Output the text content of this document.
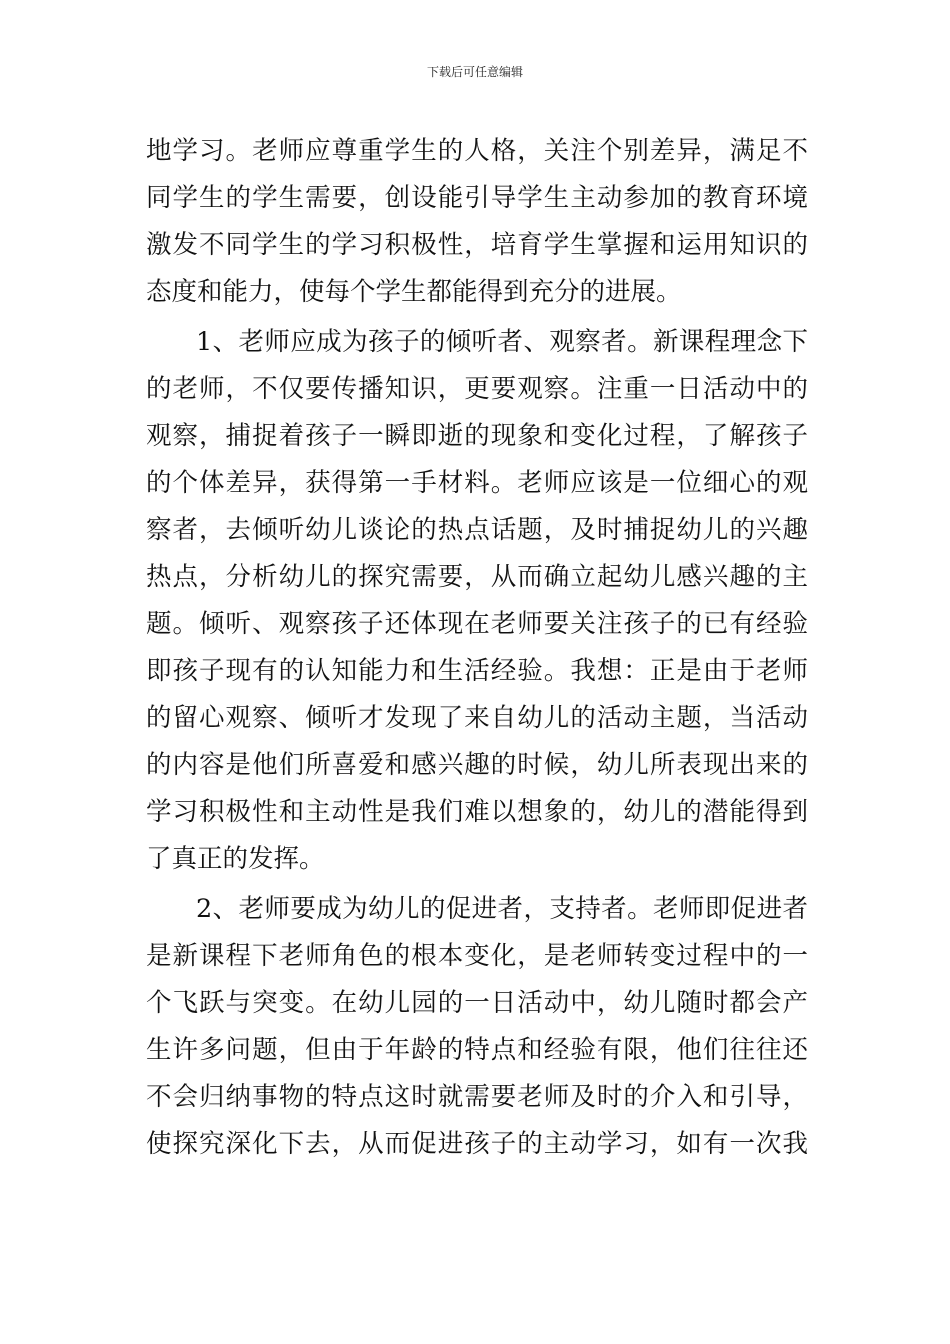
下载后可任意编辑
地学习。老师应尊重学生的人格，关注个别差异，满足不
同学生的学生需要，创设能引导学生主动参加的教育环境
激发不同学生的学习积极性，培育学生掌握和运用知识的
态度和能力，使每个学生都能得到充分的进展。
1、老师应成为孩子的倾听者、观察者。新课程理念下
的老师，不仅要传播知识，更要观察。注重一日活动中的
观察，捕捉着孩子一瞬即逝的现象和变化过程，了解孩子
的个体差异，获得第一手材料。老师应该是一位细心的观
察者，去倾听幼儿谈论的热点话题，及时捕捉幼儿的兴趣
热点，分析幼儿的探究需要，从而确立起幼儿感兴趣的主
题。倾听、观察孩子还体现在老师要关注孩子的已有经验
即孩子现有的认知能力和生活经验。我想：正是由于老师
的留心观察、倾听才发现了来自幼儿的活动主题，当活动
的内容是他们所喜爱和感兴趣的时候，幼儿所表现出来的
学习积极性和主动性是我们难以想象的，幼儿的潜能得到
了真正的发挥。
2、老师要成为幼儿的促进者，支持者。老师即促进者
是新课程下老师角色的根本变化，是老师转变过程中的一
个飞跃与突变。在幼儿园的一日活动中，幼儿随时都会产
生许多问题，但由于年龄的特点和经验有限，他们往往还
不会归纳事物的特点这时就需要老师及时的介入和引导，
使探究深化下去，从而促进孩子的主动学习，如有一次我
